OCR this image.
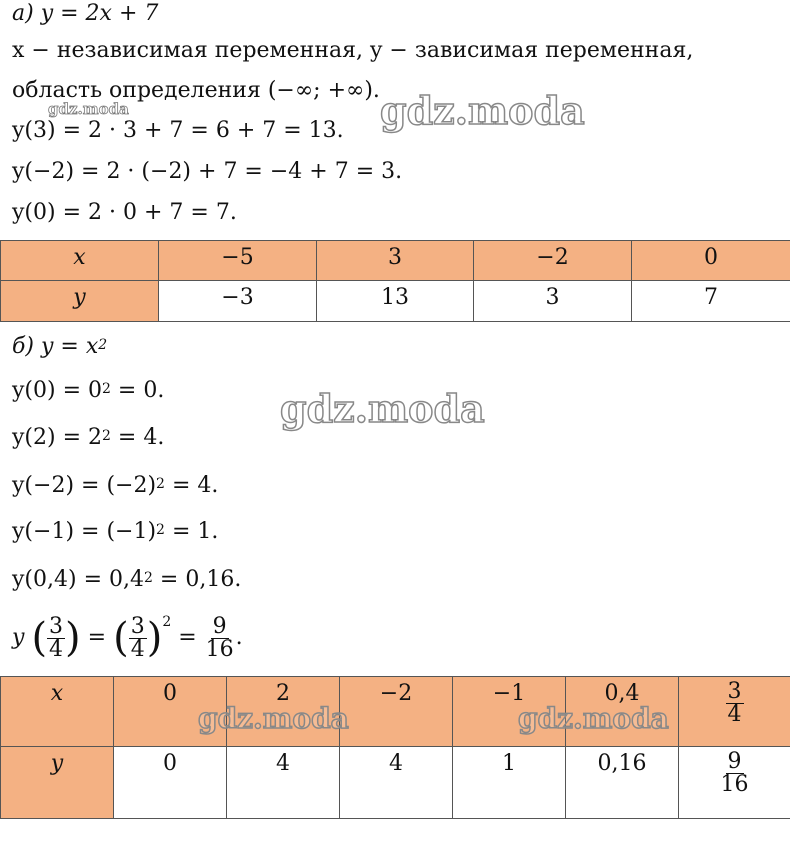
а) y = 2x + 7
x − независимая переменная, y − зависимая переменная,
область определения (−∞; +∞).
y(3) = 2 · 3 + 7 = 6 + 7 = 13.
y(−2) = 2 · (−2) + 7 = −4 + 7 = 3.
y(0) = 2 · 0 + 7 = 7.
x	−5	3	−2	0
y	−3	13	3	7
б) $y = x^2$
$y(0) = 0^2 = 0$.
$y(2) = 2^2 = 4$.
$y(-2) = (-2)^2 = 4$.
$y(-1) = (-1)^2 = 1$.
$y(0,4) = 0,4^2 = 0,16$.
y ( $\frac{3}{4}$ ) = ( $\frac{3}{4} )^2 = \frac{9}{16}$ .
x	0	2	−2	−1	0,4	$\frac{3}{4}$

y	0	4	4	1	0,16	$\frac{9}{16}$
gdz.moda	gdz.moda
gdz.moda
gdz.moda	gdz.moda
